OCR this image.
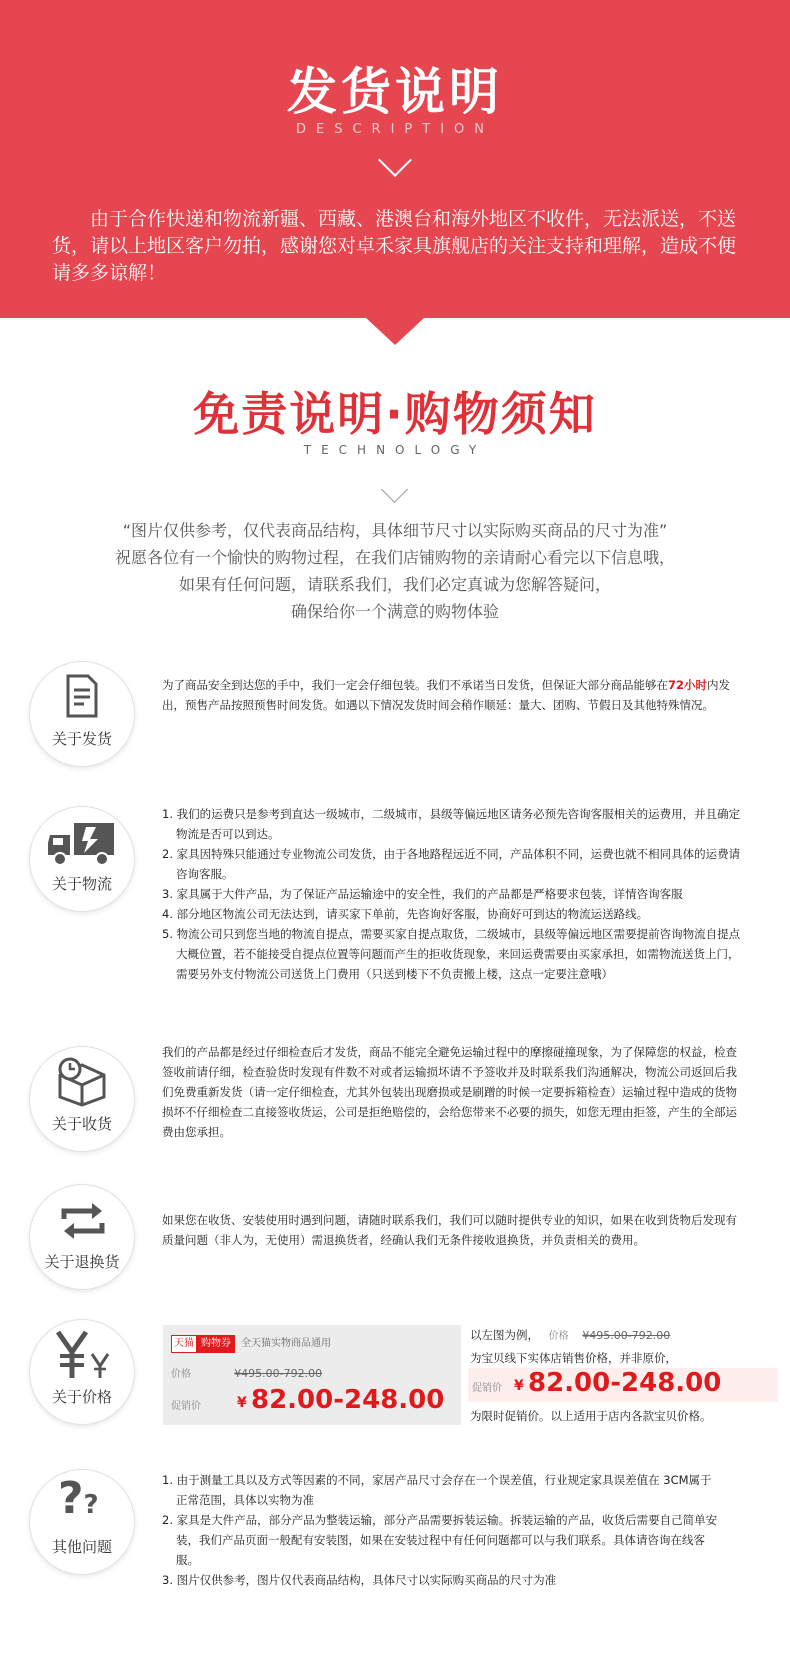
发货说明
DESCRIPTION
由于合作快递和物流新疆、西藏、港澳台和海外地区不收件，无法派送，不送货，请以上地区客户勿拍，感谢您对卓禾家具旗舰店的关注支持和理解，造成不便请多多谅解！
免责说明·购物须知
TECHNOLOGY
“图片仅供参考，仅代表商品结构，具体细节尺寸以实际购买商品的尺寸为准”
祝愿各位有一个愉快的购物过程，在我们店铺购物的亲请耐心看完以下信息哦，
如果有任何问题，请联系我们，我们必定真诚为您解答疑问，
确保给你一个满意的购物体验
关于发货
为了商品安全到达您的手中，我们一定会仔细包装。我们不承诺当日发货，但保证大部分商品能够在72小时内发出，预售产品按照预售时间发货。如遇以下情况发货时间会稍作顺延：量大、团购、节假日及其他特殊情况。
关于物流

1. 我们的运费只是参考到直达一级城市，二级城市，县级等偏远地区请务必预先咨询客服相关的运费用，并且确定物流是否可以到达。

2. 家具因特殊只能通过专业物流公司发货，由于各地路程远近不同，产品体积不同，运费也就不相同具体的运费请咨询客服。

3. 家具属于大件产品，为了保证产品运输途中的安全性，我们的产品都是严格要求包装，详情咨询客服

4. 部分地区物流公司无法达到，请买家下单前，先咨询好客服，协商好可到达的物流运送路线。

5. 物流公司只到您当地的物流自提点，需要买家自提点取货，二级城市，县级等偏远地区需要提前咨询物流自提点大概位置，若不能接受自提点位置等问题而产生的拒收货现象，来回运费需要由买家承担，如需物流送货上门，需要另外支付物流公司送货上门费用（只送到楼下不负责搬上楼，这点一定要注意哦）

关于收货
我们的产品都是经过仔细检查后才发货，商品不能完全避免运输过程中的摩擦碰撞现象，为了保障您的权益，检查签收前请仔细，检查验货时发现有件数不对或者运输损坏请不予签收并及时联系我们沟通解决，物流公司返回后我们免费重新发货（请一定仔细检查，尤其外包装出现磨损或是刷蹭的时候一定要拆箱检查）运输过程中造成的货物损坏不仔细检查二直接签收货运，公司是拒绝赔偿的，会给您带来不必要的损失，如您无理由拒签，产生的全部运费由您承担。
关于退换货
如果您在收货、安装使用时遇到问题，请随时联系我们，我们可以随时提供专业的知识，如果在收到货物后发现有质量问题（非人为，无使用）需退换货者，经确认我们无条件接收退换货，并负责相关的费用。
关于价格
天猫 购物券 全天猫实物商品通用
价格	¥495.00-792.00
促销价	¥ 82.00-248.00
以左图为例， 价格 ¥495.00-792.00
为宝贝线下实体店销售价格，并非原价，
促销价 ¥ 82.00-248.00
为限时促销价。以上适用于店内各款宝贝价格。
??
其他问题

1. 由于测量工具以及方式等因素的不同，家居产品尺寸会存在一个误差值，行业规定家具误差值在 3CM属于正常范围，具体以实物为准

2. 家具是大件产品，部分产品为整装运输，部分产品需要拆装运输。拆装运输的产品，收货后需要自己简单安装，我们产品页面一般配有安装图，如果在安装过程中有任何问题都可以与我们联系。具体请咨询在线客服。

3. 图片仅供参考，图片仅代表商品结构，具体尺寸以实际购买商品的尺寸为准
